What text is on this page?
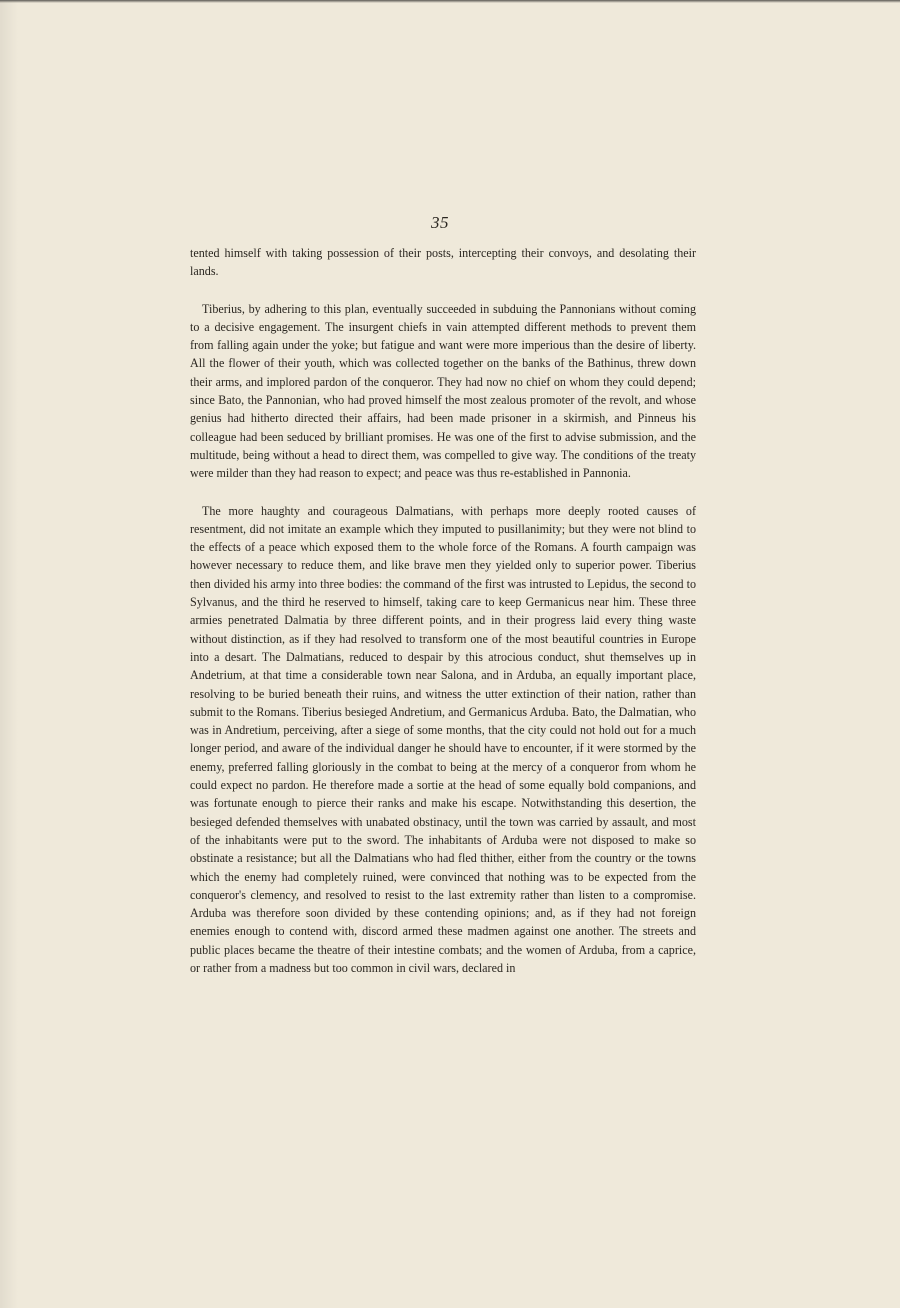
35

tented himself with taking possession of their posts, intercepting their convoys, and desolating their lands.

Tiberius, by adhering to this plan, eventually succeeded in subduing the Pannonians without coming to a decisive engagement. The insurgent chiefs in vain attempted different methods to prevent them from falling again under the yoke; but fatigue and want were more imperious than the desire of liberty. All the flower of their youth, which was collected together on the banks of the Bathinus, threw down their arms, and implored pardon of the conqueror. They had now no chief on whom they could depend; since Bato, the Pannonian, who had proved himself the most zealous promoter of the revolt, and whose genius had hitherto directed their affairs, had been made prisoner in a skirmish, and Pinneus his colleague had been seduced by brilliant promises. He was one of the first to advise submission, and the multitude, being without a head to direct them, was compelled to give way. The conditions of the treaty were milder than they had reason to expect; and peace was thus re-established in Pannonia.

The more haughty and courageous Dalmatians, with perhaps more deeply rooted causes of resentment, did not imitate an example which they imputed to pusillanimity; but they were not blind to the effects of a peace which exposed them to the whole force of the Romans. A fourth campaign was however necessary to reduce them, and like brave men they yielded only to superior power. Tiberius then divided his army into three bodies: the command of the first was intrusted to Lepidus, the second to Sylvanus, and the third he reserved to himself, taking care to keep Germanicus near him. These three armies penetrated Dalmatia by three different points, and in their progress laid every thing waste without distinction, as if they had resolved to transform one of the most beautiful countries in Europe into a desart. The Dalmatians, reduced to despair by this atrocious conduct, shut themselves up in Andetrium, at that time a considerable town near Salona, and in Arduba, an equally important place, resolving to be buried beneath their ruins, and witness the utter extinction of their nation, rather than submit to the Romans. Tiberius besieged Andretium, and Germanicus Arduba. Bato, the Dalmatian, who was in Andretium, perceiving, after a siege of some months, that the city could not hold out for a much longer period, and aware of the individual danger he should have to encounter, if it were stormed by the enemy, preferred falling gloriously in the combat to being at the mercy of a conqueror from whom he could expect no pardon. He therefore made a sortie at the head of some equally bold companions, and was fortunate enough to pierce their ranks and make his escape. Notwithstanding this desertion, the besieged defended themselves with unabated obstinacy, until the town was carried by assault, and most of the inhabitants were put to the sword. The inhabitants of Arduba were not disposed to make so obstinate a resistance; but all the Dalmatians who had fled thither, either from the country or the towns which the enemy had completely ruined, were convinced that nothing was to be expected from the conqueror's clemency, and resolved to resist to the last extremity rather than listen to a compromise. Arduba was therefore soon divided by these contending opinions; and, as if they had not foreign enemies enough to contend with, discord armed these madmen against one another. The streets and public places became the theatre of their intestine combats; and the women of Arduba, from a caprice, or rather from a madness but too common in civil wars, declared in
